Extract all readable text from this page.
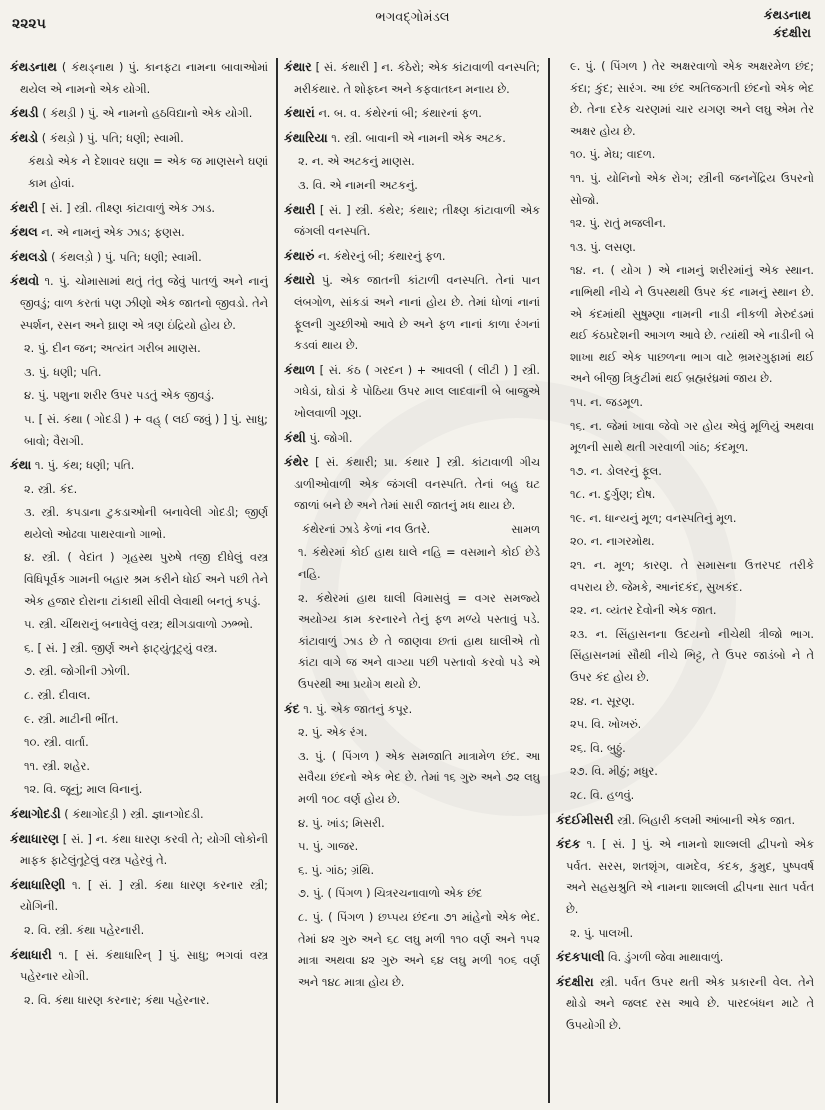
૨૨૨૫	ભગવદ્ગોમંડલ	કંથડનાથ
કંદક્ષીરા
કંથડનાથ ( કંથડ્નાથ ) પું. કાનફટા નામના બાવાઓમાં થયેલ એ નામનો એક યોગી.
કંથડી ( કંથડ઼ી ) પું. એ નામનો હઠવિદ્યાનો એક યોગી.
કંથડો ( કંથડ઼ો ) પું. પતિ; ધણી; સ્વામી.
કંથડો એક ને દેશાવર ઘણા = એક જ માણસને ઘણાં કામ હોવાં.
કંથરી [ સં. ] સ્ત્રી. તીક્ષ્ણ કાંટાવાળું એક ઝાડ.
કંથલ ન. એ નામનું એક ઝાડ; ફણસ.
કંથલડો ( કંથલડ઼ો ) પું. પતિ; ધણી; સ્વામી.
કંથવો ૧. પું. ચોમાસામાં થતું તંતુ જેવું પાતળું અને નાનું જીવડું; વાળ કરતાં પણ ઝીણો એક જાતનો જીવડો. તેને સ્પર્શન, રસન અને ઘ્રાણ એ ત્રણ ઇંદ્રિયો હોય છે.
૨. પું. દીન જન; અત્યંત ગરીબ માણસ.
૩. પું. ધણી; પતિ.
૪. પું. પશુના શરીર ઉપર પડતું એક જીવડું.
૫. [ સં. કંથા ( ગોદડી ) + વહ્ ( લઈ જવું ) ] પું. સાધુ; બાવો; વૈરાગી.
કંથા ૧. પું. કંથ; ધણી; પતિ.
૨. સ્ત્રી. કંદ.
૩. સ્ત્રી. કપડાના ટુકડાઓની બનાવેલી ગોદડી; જીર્ણ થયેલો ઓઢવા પાથરવાનો ગાભો.
૪. સ્ત્રી. ( વેદાંત ) ગૃહસ્થ પુરુષે તજી દીધેલું વસ્ત્ર વિધિપૂર્વક ગામની બહાર શ્રમ કરીને ધોઈ અને પછી તેને એક હજાર દોરાના ટાંકાથી સીવી લેવાથી બનતું કપડું.
૫. સ્ત્રી. ચીંથરાનું બનાવેલું વસ્ત્ર; થીગડાવાળો ઝભ્ભો.
૬. [ સં. ] સ્ત્રી. જીર્ણ અને ફાટ્યુંતૂટ્યું વસ્ત્ર.
૭. સ્ત્રી. જોગીની ઝોળી.
૮. સ્ત્રી. દીવાલ.
૯. સ્ત્રી. માટીની ભીંત.
૧૦. સ્ત્રી. વાર્તા.
૧૧. સ્ત્રી. શહેર.
૧૨. વિ. જૂનું; માલ વિનાનું.
કંથાગોદડી ( કંથાગોદડ઼ી ) સ્ત્રી. જ્ઞાનગોદડી.
કંથાધારણ [ સં. ] ન. કંથા ધારણ કરવી તે; યોગી લોકોની માફક ફાટેલુંતૂટેલું વસ્ત્ર પહેરવું તે.
કંથાધારિણી ૧. [ સં. ] સ્ત્રી. કંથા ધારણ કરનાર સ્ત્રી; યોગિની.
૨. વિ. સ્ત્રી. કંથા પહેરનારી.
કંથાધારી ૧. [ સં. કંથાધારિન્ ] પું. સાધુ; ભગવાં વસ્ત્ર પહેરનાર યોગી.
૨. વિ. કંથા ધારણ કરનાર; કંથા પહેરનાર.
કંથાર [ સં. કંથારી ] ન. કંઠેરો; એક કાંટાવાળી વનસ્પતિ; મરીકંથાર. તે શોફઘ્ન અને કફવાતઘ્ન મનાય છે.
કંથારાં ન. બ. વ. કંથેરનાં બી; કંથારનાં ફળ.
કંથારિયા ૧. સ્ત્રી. બાવાની એ નામની એક અટક.
૨. ન. એ અટકનું માણસ.
૩. વિ. એ નામની અટકનું.
કંથારી [ સં. ] સ્ત્રી. કંથેર; કંથાર; તીક્ષ્ણ કાંટાવાળી એક જંગલી વનસ્પતિ.
કંથારું ન. કંથેરનું બી; કંથારનું ફળ.
કંથારો પું. એક જાતની કાંટાળી વનસ્પતિ. તેનાં પાન લંબગોળ, સાંકડાં અને નાનાં હોય છે. તેમાં ધોળાં નાનાં ફૂલની ગુચ્છીઓ આવે છે અને ફળ નાનાં કાળા રંગનાં કડવાં થાય છે.
કંથાળ [ સં. કંઠ ( ગરદન ) + આવલી ( લીટી ) ] સ્ત્રી. ગધેડાં, ઘોડાં કે પોઠિયા ઉપર માલ લાદવાની બે બાજુએ ખોલવાળી ગૂણ.
કંથી પું. જોગી.
કંથેર [ સં. કંથારી; પ્રા. કંથાર ] સ્ત્રી. કાંટાવાળી ગીચ ડાળીઓવાળી એક જંગલી વનસ્પતિ. તેનાં બહુ ઘટ જાળાં બને છે અને તેમાં સારી જાતનું મધ થાય છે.
સામળ
કંથેરનાં ઝાડે કેળાં નવ ઉતરે.
૧. કંથેરમાં કોઈ હાથ ઘાલે નહિ = વસમાને કોઈ છેડે નહિ.
૨. કંથેરમાં હાથ ઘાલી વિમાસવું = વગર સમજ્યે અયોગ્ય કામ કરનારને તેનું ફળ મળ્યે પસ્તાવું પડે. કાંટાવાળું ઝાડ છે તે જાણવા છતાં હાથ ઘાલીએ તો કાંટા વાગે જ અને વાગ્યા પછી પસ્તાવો કરવો પડે એ ઉપરથી આ પ્રયોગ થયો છે.
કંદ ૧. પું. એક જાતનું કપૂર.
૨. પું. એક રંગ.
૩. પું. ( પિંગળ ) એક સમજાતિ માત્રામેળ છંદ. આ સવૈયા છંદનો એક ભેદ છે. તેમાં ૧૬ ગુરુ અને ૭૨ લઘુ મળી ૧૦૮ વર્ણ હોય છે.
૪. પું. ખાંડ; મિસરી.
૫. પું. ગાજર.
૬. પું. ગાંઠ; ગ્રંથિ.
૭. પું. ( પિંગળ ) ચિત્રરચનાવાળો એક છંદ
૮. પું. ( પિંગળ ) છપ્પય છંદના ૭૧ માંહેનો એક ભેદ. તેમાં ૪૨ ગુરુ અને ૬૮ લઘુ મળી ૧૧૦ વર્ણ અને ૧૫૨ માત્રા અથવા ૪૨ ગુરુ અને ૬૪ લઘુ મળી ૧૦૬ વર્ણ અને ૧૪૮ માત્રા હોય છે.
૯. પું. ( પિંગળ ) તેર અક્ષરવાળો એક અક્ષરમેળ છંદ; કંદા; કુંદ; સારંગ. આ છંદ અતિજગતી છંદનો એક ભેદ છે. તેના દરેક ચરણમાં ચાર યગણ અને લઘુ એમ તેર અક્ષર હોય છે.
૧૦. પું. મેઘ; વાદળ.
૧૧. પું. યોનિનો એક રોગ; સ્ત્રીની જનનેંદ્રિય ઉપરનો સોજો.
૧૨. પું. રાતું મજલીન.
૧૩. પું. લસણ.
૧૪. ન. ( યોગ ) એ નામનું શરીરમાંનું એક સ્થાન. નાભિથી નીચે ને ઉપસ્થથી ઉપર કંદ નામનું સ્થાન છે. એ કંદમાંથી સુષુમ્ણા નામની નાડી નીકળી મેરુદંડમાં થઈ કંઠપ્રદેશની આગળ આવે છે. ત્યાંથી એ નાડીની બે શાખા થઈ એક પાછળના ભાગ વાટે ભ્રમરગુફામાં થઈ અને બીજી ત્રિકુટીમાં થઈ બ્રહ્મરંધ્રમાં જાય છે.
૧૫. ન. જડમૂળ.
૧૬. ન. જેમાં ખાવા જેવો ગર હોય એવું મૂળિયું અથવા મૂળની સાથે થતી ગરવાળી ગાંઠ; કંદમૂળ.
૧૭. ન. ડોલરનું ફૂલ.
૧૮. ન. દુર્ગુણ; દોષ.
૧૯. ન. ધાન્યનું મૂળ; વનસ્પતિનું મૂળ.
૨૦. ન. નાગરમોથ.
૨૧. ન. મૂળ; કારણ. તે સમાસના ઉત્તરપદ તરીકે વપરાય છે. જેમકે, આનંદકંદ, સુખકંદ.
૨૨. ન. વ્યંતર દેવોની એક જાત.
૨૩. ન. સિંહાસનના ઉદયનો નીચેથી ત્રીજો ભાગ. સિંહાસનમાં સૌથી નીચે ભિટ્ટ, તે ઉપર જાડંબો ને તે ઉપર કંદ હોય છે.
૨૪. ન. સૂરણ.
૨૫. વિ. ખોખરું.
૨૬. વિ. બુઠ્ઠું.
૨૭. વિ. મીઠું; મધુર.
૨૮. વિ. હળવું.
કંદઈમીસરી સ્ત્રી. બિહારી કલમી આંબાની એક જાત.
કંદક ૧. [ સં. ] પું. એ નામનો શાલ્મલી દ્વીપનો એક પર્વત. સરસ, શતશૃંગ, વામદેવ, કંદક, કુમુદ, પુષ્પવર્ષ અને સહસ્રશ્રુતિ એ નામના શાલ્મલી દ્વીપના સાત પર્વત છે.
૨. પું. પાલખી.
કંદકપાલી વિ. ડુંગળી જેવા માથાવાળું.
કંદક્ષીરા સ્ત્રી. પર્વત ઉપર થતી એક પ્રકારની વેલ. તેને થોડો અને જલદ રસ આવે છે. પારદબંધન માટે તે ઉપયોગી છે.
